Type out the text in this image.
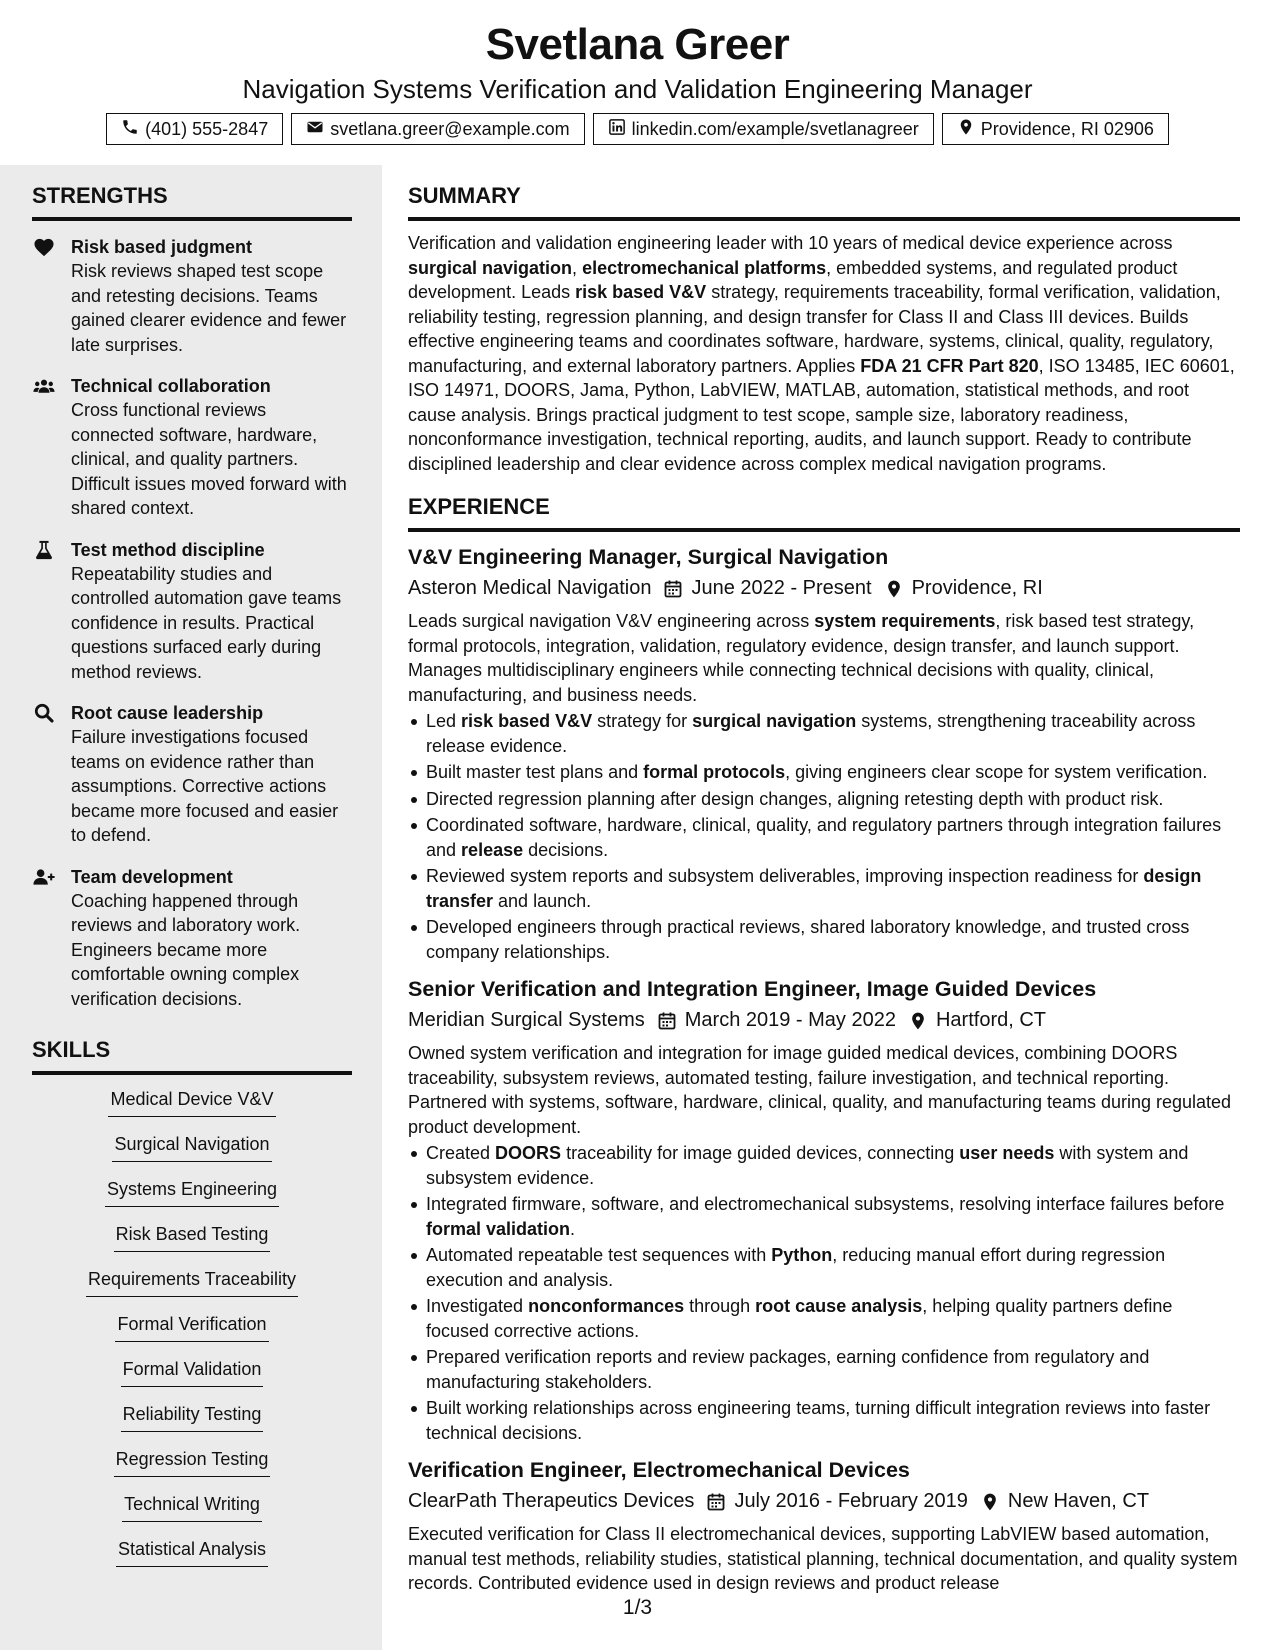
Svetlana Greer
Navigation Systems Verification and Validation Engineering Manager
(401) 555-2847	svetlana.greer@example.com	linkedin.com/example/svetlanagreer	Providence, RI 02906
STRENGTHS
Risk based judgment
Risk reviews shaped test scope and retesting decisions. Teams gained clearer evidence and fewer late surprises.
Technical collaboration
Cross functional reviews connected software, hardware, clinical, and quality partners. Difficult issues moved forward with shared context.
Test method discipline
Repeatability studies and controlled automation gave teams confidence in results. Practical questions surfaced early during method reviews.
Root cause leadership
Failure investigations focused teams on evidence rather than assumptions. Corrective actions became more focused and easier to defend.
Team development
Coaching happened through reviews and laboratory work. Engineers became more comfortable owning complex verification decisions.
SKILLS
Medical Device V&V
Surgical Navigation
Systems Engineering
Risk Based Testing
Requirements Traceability
Formal Verification
Formal Validation
Reliability Testing
Regression Testing
Technical Writing
Statistical Analysis
SUMMARY
Verification and validation engineering leader with 10 years of medical device experience across surgical navigation, electromechanical platforms, embedded systems, and regulated product development. Leads risk based V&V strategy, requirements traceability, formal verification, validation, reliability testing, regression planning, and design transfer for Class II and Class III devices. Builds effective engineering teams and coordinates software, hardware, systems, clinical, quality, regulatory, manufacturing, and external laboratory partners. Applies FDA 21 CFR Part 820, ISO 13485, IEC 60601, ISO 14971, DOORS, Jama, Python, LabVIEW, MATLAB, automation, statistical methods, and root cause analysis. Brings practical judgment to test scope, sample size, laboratory readiness, nonconformance investigation, technical reporting, audits, and launch support. Ready to contribute disciplined leadership and clear evidence across complex medical navigation programs.
EXPERIENCE
V&V Engineering Manager, Surgical Navigation
Asteron Medical Navigation June 2022 - Present Providence, RI
Leads surgical navigation V&V engineering across system requirements, risk based test strategy, formal protocols, integration, validation, regulatory evidence, design transfer, and launch support. Manages multidisciplinary engineers while connecting technical decisions with quality, clinical, manufacturing, and business needs.
Led risk based V&V strategy for surgical navigation systems, strengthening traceability across release evidence.
Built master test plans and formal protocols, giving engineers clear scope for system verification.
Directed regression planning after design changes, aligning retesting depth with product risk.
Coordinated software, hardware, clinical, quality, and regulatory partners through integration failures and release decisions.
Reviewed system reports and subsystem deliverables, improving inspection readiness for design transfer and launch.
Developed engineers through practical reviews, shared laboratory knowledge, and trusted cross company relationships.
Senior Verification and Integration Engineer, Image Guided Devices
Meridian Surgical Systems March 2019 - May 2022 Hartford, CT
Owned system verification and integration for image guided medical devices, combining DOORS traceability, subsystem reviews, automated testing, failure investigation, and technical reporting. Partnered with systems, software, hardware, clinical, quality, and manufacturing teams during regulated product development.
Created DOORS traceability for image guided devices, connecting user needs with system and subsystem evidence.
Integrated firmware, software, and electromechanical subsystems, resolving interface failures before formal validation.
Automated repeatable test sequences with Python, reducing manual effort during regression execution and analysis.
Investigated nonconformances through root cause analysis, helping quality partners define focused corrective actions.
Prepared verification reports and review packages, earning confidence from regulatory and manufacturing stakeholders.
Built working relationships across engineering teams, turning difficult integration reviews into faster technical decisions.
Verification Engineer, Electromechanical Devices
ClearPath Therapeutics Devices July 2016 - February 2019 New Haven, CT
Executed verification for Class II electromechanical devices, supporting LabVIEW based automation, manual test methods, reliability studies, statistical planning, technical documentation, and quality system records. Contributed evidence used in design reviews and product release
1/3
